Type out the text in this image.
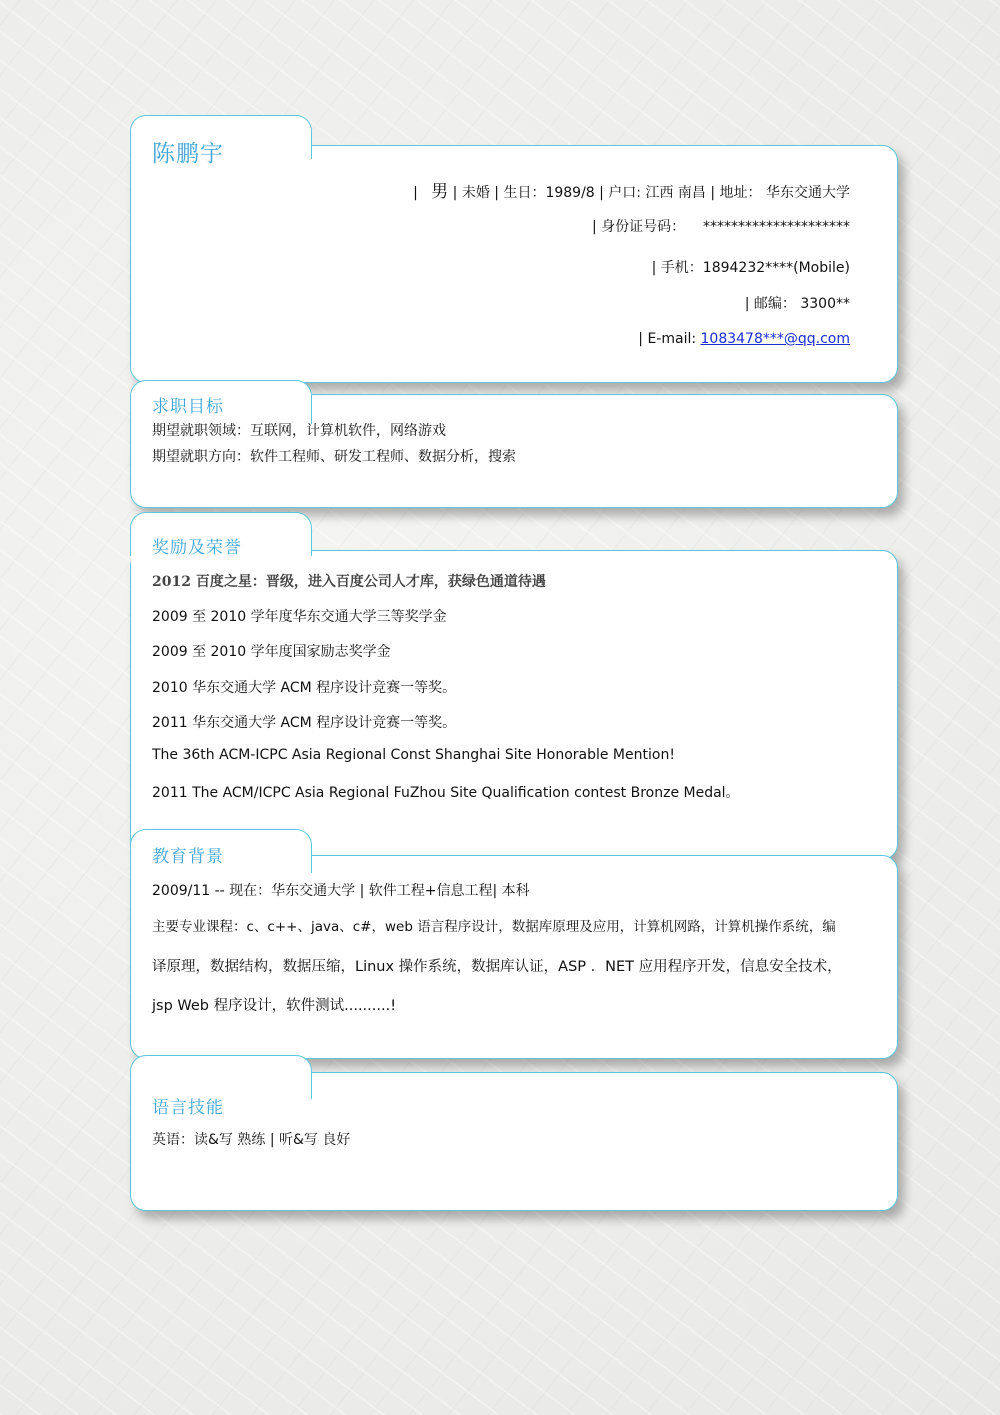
陈鹏宇
| 男 | 未婚 | 生日：1989/8 | 户口: 江西 南昌 | 地址： 华东交通大学
| 身份证号码： *********************
| 手机：1894232****(Mobile)
| 邮编： 3300**
| E-mail: 1083478***@qq.com
求职目标
期望就职领域：互联网，计算机软件，网络游戏
期望就职方向：软件工程师、研发工程师、数据分析，搜索
奖励及荣誉
2012 百度之星：晋级，进入百度公司人才库，获绿色通道待遇
2009 至 2010 学年度华东交通大学三等奖学金
2009 至 2010 学年度国家励志奖学金
2010 华东交通大学 ACM 程序设计竞赛一等奖。
2011 华东交通大学 ACM 程序设计竞赛一等奖。
The 36th ACM-ICPC Asia Regional Const Shanghai Site Honorable Mention!
2011 The ACM/ICPC Asia Regional FuZhou Site Qualification contest Bronze Medal。
教育背景
2009/11 -- 现在：华东交通大学 | 软件工程+信息工程| 本科
主要专业课程：c、c++、java、c#，web 语言程序设计，数据库原理及应用，计算机网路，计算机操作系统，编
译原理，数据结构，数据压缩，Linux 操作系统，数据库认证，ASP ．NET 应用程序开发，信息安全技术，
jsp Web 程序设计，软件测试..........!
语言技能
英语：读&写 熟练 | 听&写 良好
